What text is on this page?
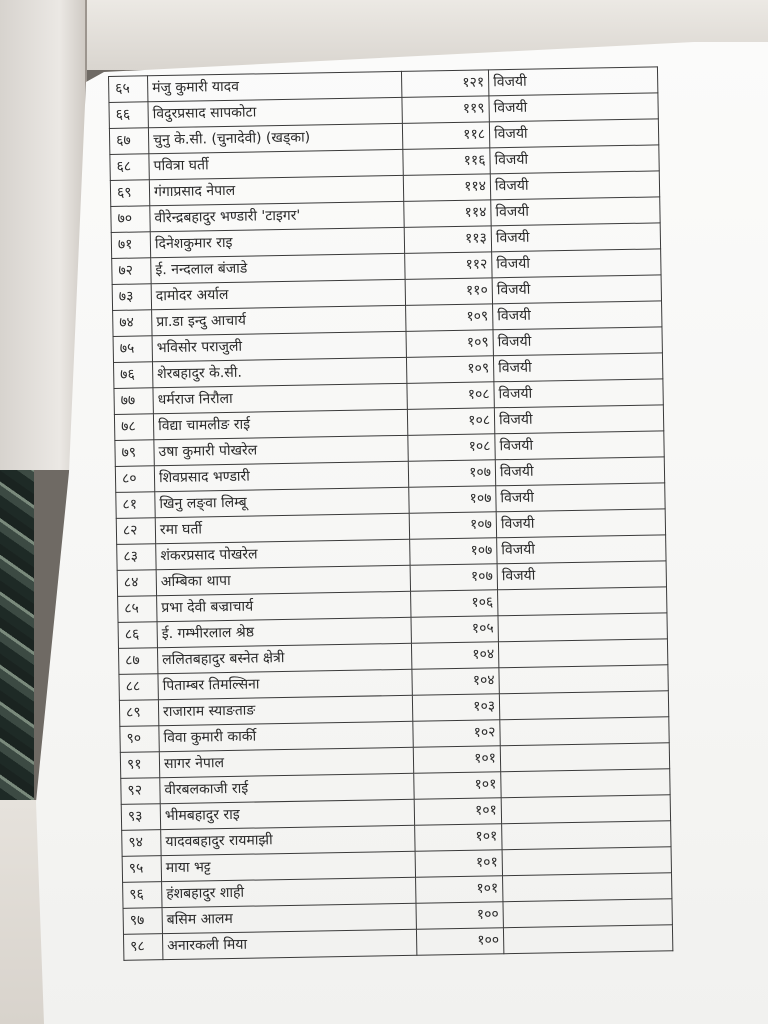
६५	मंजु कुमारी यादव	१२१	विजयी
६६	विदुरप्रसाद सापकोटा	११९	विजयी
६७	चुनु के.सी. (चुनादेवी) (खड्का)	११८	विजयी
६८	पवित्रा घर्ती	११६	विजयी
६९	गंगाप्रसाद नेपाल	११४	विजयी
७०	वीरेन्द्रबहादुर भण्डारी 'टाइगर'	११४	विजयी
७१	दिनेशकुमार राइ	११३	विजयी
७२	ई. नन्दलाल बंजाडे	११२	विजयी
७३	दामोदर अर्याल	११०	विजयी
७४	प्रा.डा इन्दु आचार्य	१०९	विजयी
७५	भविसोर पराजुली	१०९	विजयी
७६	शेरबहादुर के.सी.	१०९	विजयी
७७	धर्मराज निरौला	१०८	विजयी
७८	विद्या चामलीङ राई	१०८	विजयी
७९	उषा कुमारी पोखरेल	१०८	विजयी
८०	शिवप्रसाद भण्डारी	१०७	विजयी
८१	खिनु लङ्वा लिम्बू	१०७	विजयी
८२	रमा घर्ती	१०७	विजयी
८३	शंकरप्रसाद पोखरेल	१०७	विजयी
८४	अम्बिका थापा	१०७	विजयी
८५	प्रभा देवी बज्राचार्य	१०६	
८६	ई. गम्भीरलाल श्रेष्ठ	१०५	
८७	ललितबहादुर बस्नेत क्षेत्री	१०४	
८८	पिताम्बर तिमल्सिना	१०४	
८९	राजाराम स्याङताङ	१०३	
९०	विवा कुमारी कार्की	१०२	
९१	सागर नेपाल	१०१	
९२	वीरबलकाजी राई	१०१	
९३	भीमबहादुर राइ	१०१	
९४	यादवबहादुर रायमाझी	१०१	
९५	माया भट्ट	१०१	
९६	हंशबहादुर शाही	१०१	
९७	बसिम आलम	१००	
९८	अनारकली मिया	१००	
